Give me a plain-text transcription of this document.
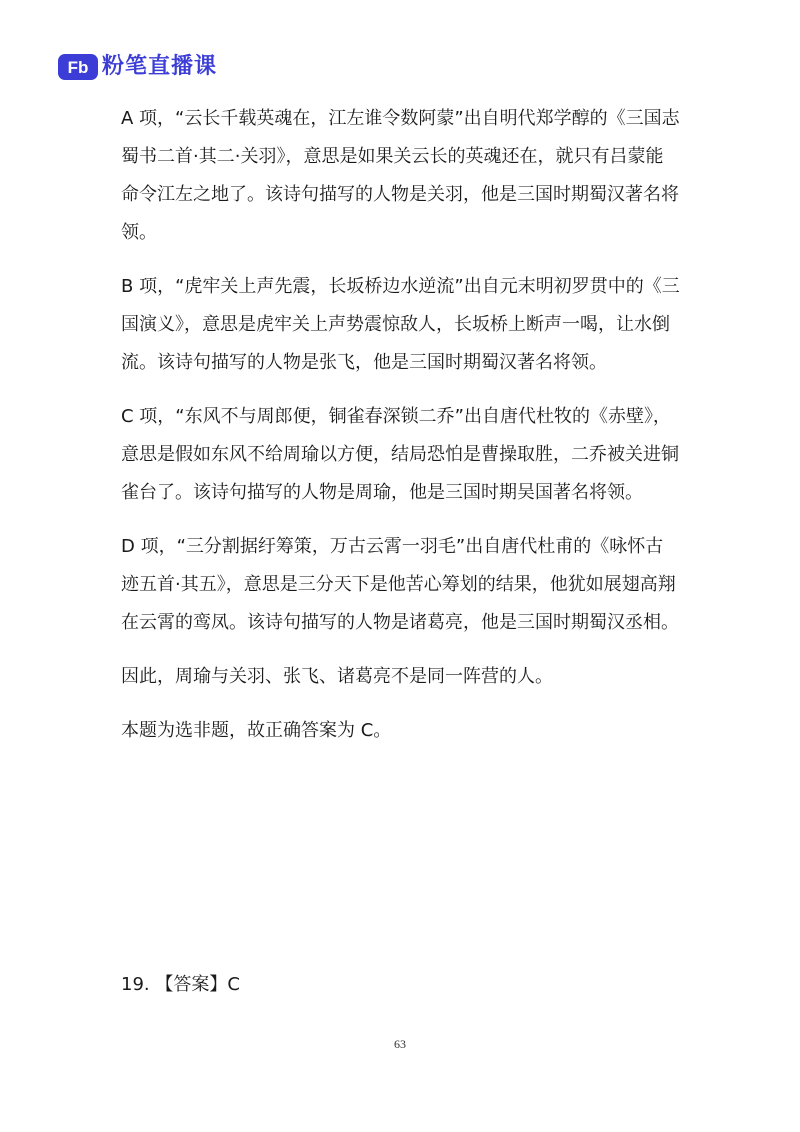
Fb 粉笔直播课

A 项，“云长千载英魂在，江左谁令数阿蒙”出自明代郑学醇的《三国志蜀书二首·其二·关羽》，意思是如果关云长的英魂还在，就只有吕蒙能命令江左之地了。该诗句描写的人物是关羽，他是三国时期蜀汉著名将领。

B 项，“虎牢关上声先震，长坂桥边水逆流”出自元末明初罗贯中的《三国演义》，意思是虎牢关上声势震惊敌人，长坂桥上断声一喝，让水倒流。该诗句描写的人物是张飞，他是三国时期蜀汉著名将领。

C 项，“东风不与周郎便，铜雀春深锁二乔”出自唐代杜牧的《赤壁》，意思是假如东风不给周瑜以方便，结局恐怕是曹操取胜，二乔被关进铜雀台了。该诗句描写的人物是周瑜，他是三国时期吴国著名将领。

D 项，“三分割据纡筹策，万古云霄一羽毛”出自唐代杜甫的《咏怀古迹五首·其五》，意思是三分天下是他苦心筹划的结果，他犹如展翅高翔在云霄的鸾凤。该诗句描写的人物是诸葛亮，他是三国时期蜀汉丞相。

因此，周瑜与关羽、张飞、诸葛亮不是同一阵营的人。

本题为选非题，故正确答案为 C。

19. 【答案】C

63
